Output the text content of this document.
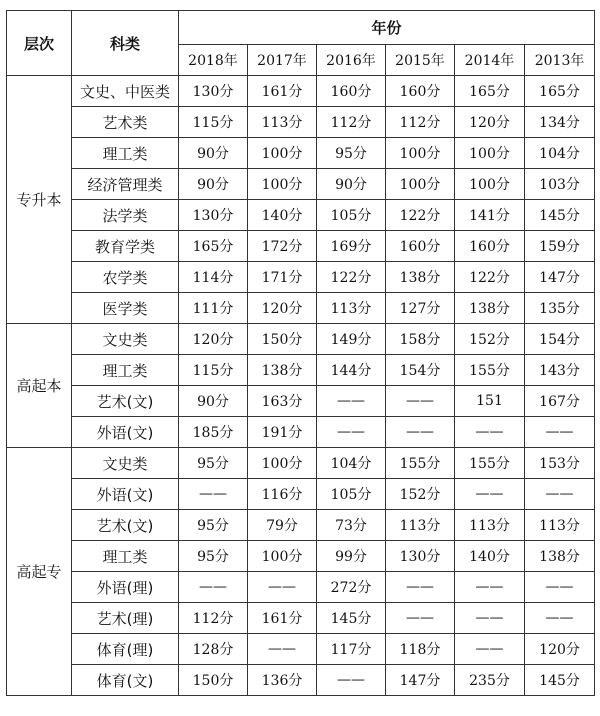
层次	科类	年份					
		2018年	2017年	2016年	2015年	2014年	2013年
专升本	文史、中医类	130分	161分	160分	160分	165分	165分
	艺术类	115分	113分	112分	112分	120分	134分
	理工类	90分	100分	95分	100分	100分	104分
	经济管理类	90分	100分	90分	100分	100分	103分
	法学类	130分	140分	105分	122分	141分	145分
	教育学类	165分	172分	169分	160分	160分	159分
	农学类	114分	171分	122分	138分	122分	147分
	医学类	111分	120分	113分	127分	138分	135分
高起本	文史类	120分	150分	149分	158分	152分	154分
	理工类	115分	138分	144分	154分	155分	143分
	艺术(文)	90分	163分	——	——	151	167分
	外语(文)	185分	191分	——	——	——	——
高起专	文史类	95分	100分	104分	155分	155分	153分
	外语(文)	——	116分	105分	152分	——	——
	艺术(文)	95分	79分	73分	113分	113分	113分
	理工类	95分	100分	99分	130分	140分	138分
	外语(理)	——	——	272分	——	——	——
	艺术(理)	112分	161分	145分	——	——	——
	体育(理)	128分	——	117分	118分	——	120分
	体育(文)	150分	136分	——	147分	235分	145分
